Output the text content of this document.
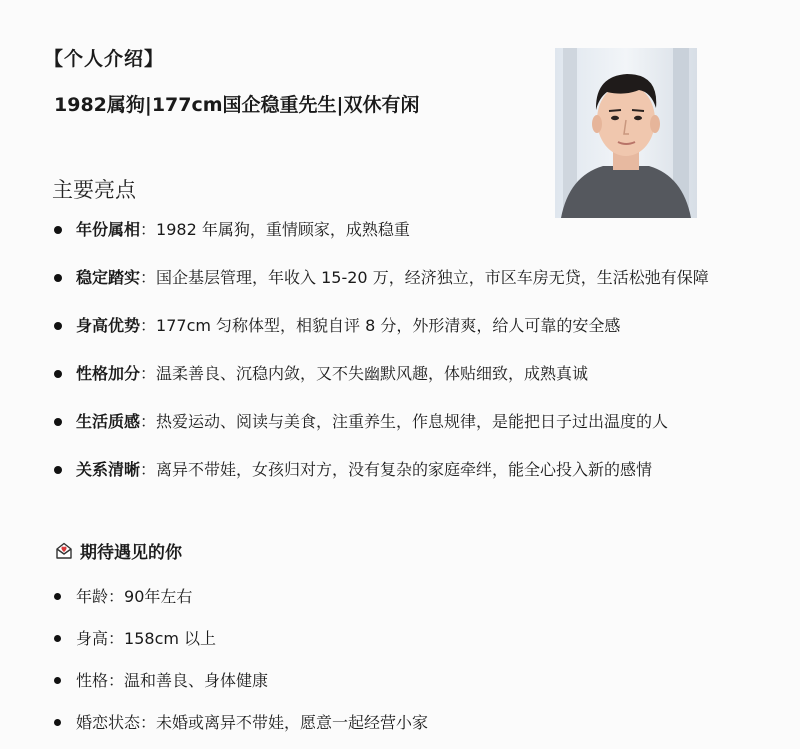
【个人介绍】
1982属狗|177cm国企稳重先生|双休有闲
主要亮点
年份属相：1982 年属狗，重情顾家，成熟稳重
稳定踏实：国企基层管理，年收入 15-20 万，经济独立，市区车房无贷，生活松弛有保障
身高优势：177cm 匀称体型，相貌自评 8 分，外形清爽，给人可靠的安全感
性格加分：温柔善良、沉稳内敛，又不失幽默风趣，体贴细致，成熟真诚
生活质感：热爱运动、阅读与美食，注重养生，作息规律，是能把日子过出温度的人
关系清晰：离异不带娃，女孩归对方，没有复杂的家庭牵绊，能全心投入新的感情
期待遇见的你
年龄：90年左右
身高：158cm 以上
性格：温和善良、身体健康
婚恋状态：未婚或离异不带娃，愿意一起经营小家
